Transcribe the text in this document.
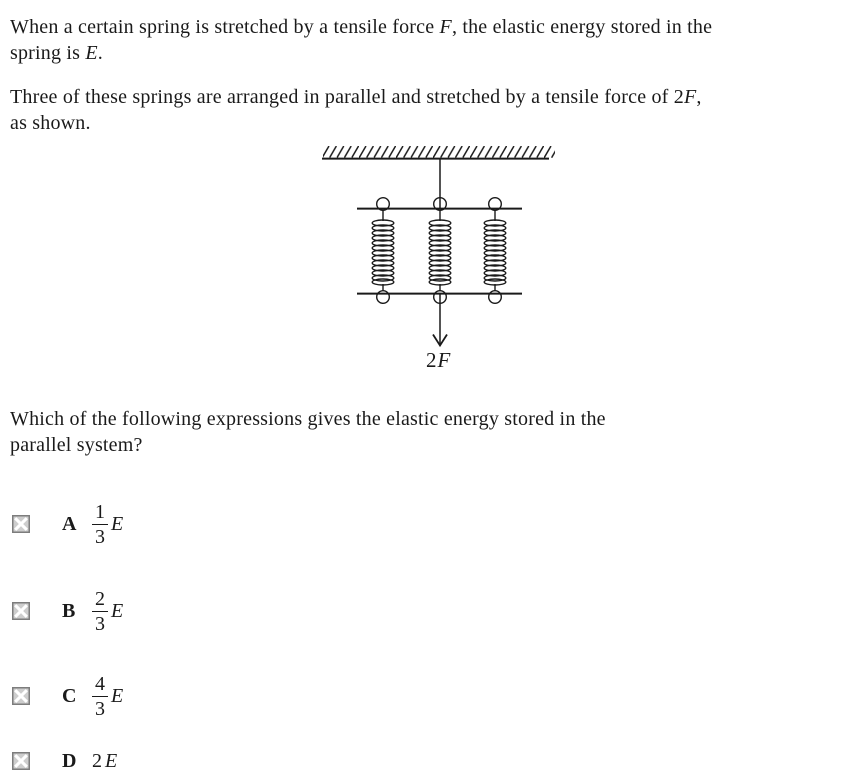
When a certain spring is stretched by a tensile force F, the elastic energy stored in the
spring is E.

Three of these springs are arranged in parallel and stretched by a tensile force of 2F,
as shown.

2F

Which of the following expressions gives the elastic energy stored in the
parallel system?

A $\frac{1}{3}$ E
B $\frac{2}{3}$ E
C $\frac{4}{3}$ E
D 2 E
